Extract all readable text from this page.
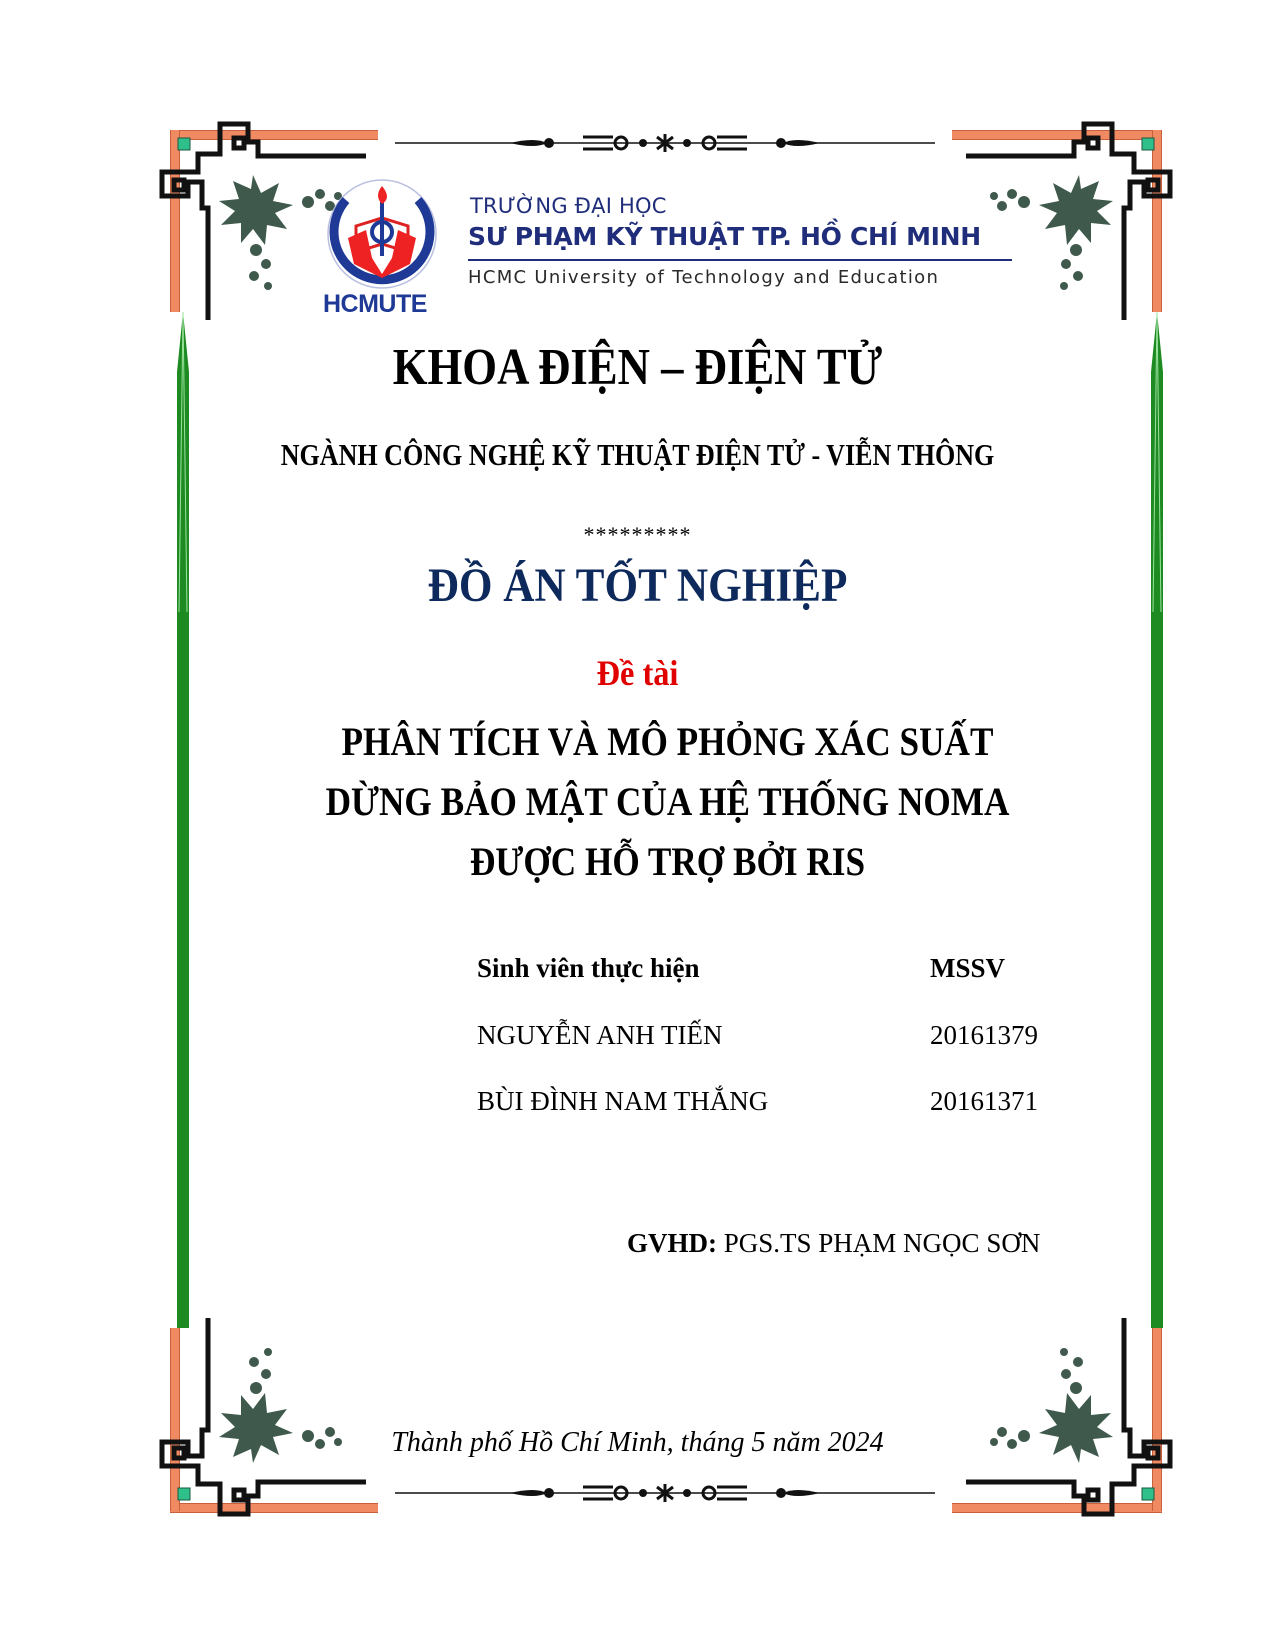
HCMUTE
TRƯỜNG ĐẠI HỌC
SƯ PHẠM KỸ THUẬT TP. HỒ CHÍ MINH
HCMC University of Technology and Education
KHOA ĐIỆN – ĐIỆN TỬ
NGÀNH CÔNG NGHỆ KỸ THUẬT ĐIỆN TỬ - VIỄN THÔNG
*********
ĐỒ ÁN TỐT NGHIỆP
Đề tài
PHÂN TÍCH VÀ MÔ PHỎNG XÁC SUẤT
DỪNG BẢO MẬT CỦA HỆ THỐNG NOMA
ĐƯỢC HỖ TRỢ BỞI RIS
Sinh viên thực hiện	MSSV
NGUYỄN ANH TIẾN	20161379
BÙI ĐÌNH NAM THẮNG	20161371
GVHD: PGS.TS PHẠM NGỌC SƠN
Thành phố Hồ Chí Minh, tháng 5 năm 2024
